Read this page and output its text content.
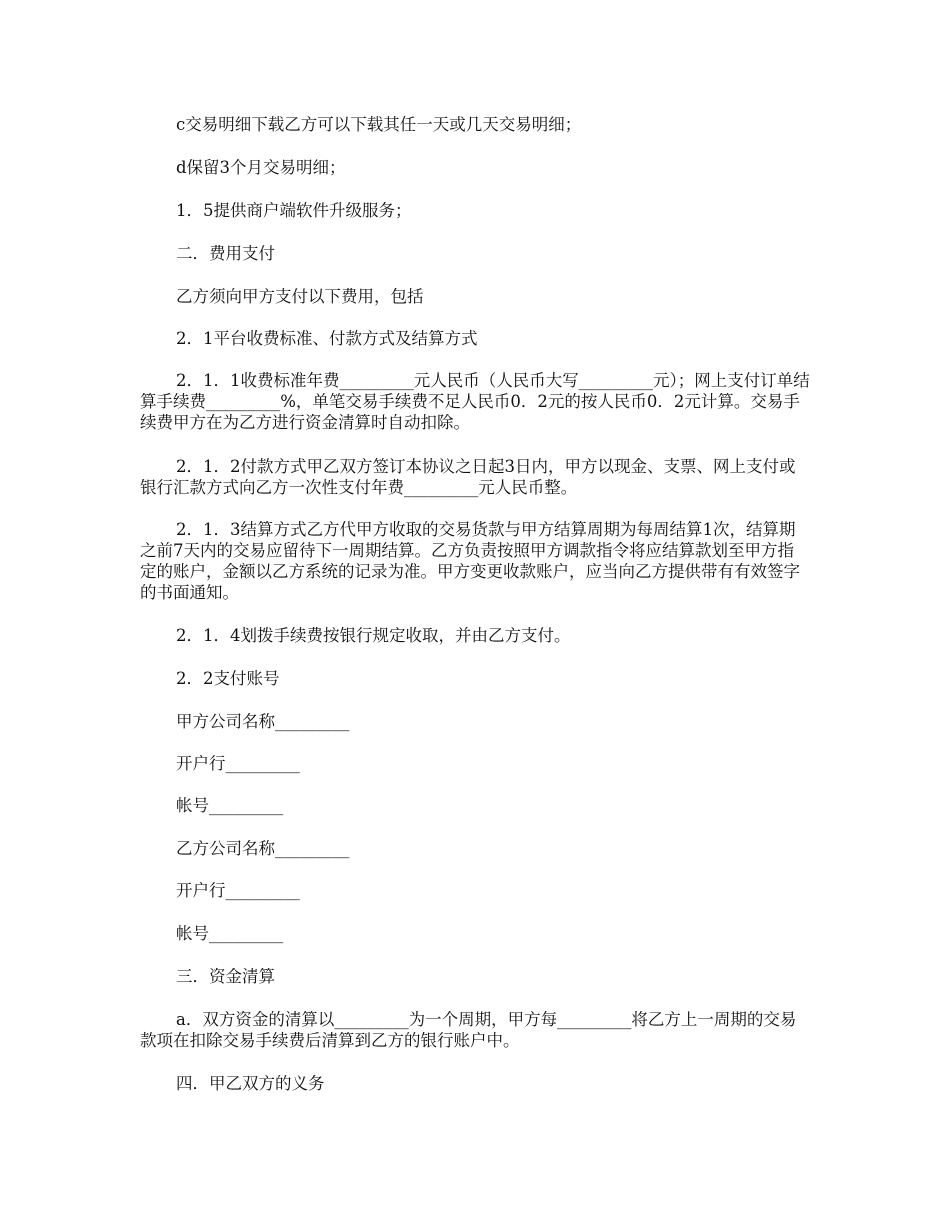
c交易明细下载乙方可以下载其任一天或几天交易明细；

d保留3个月交易明细；

1．5提供商户端软件升级服务；

二．费用支付

乙方须向甲方支付以下费用，包括

2．1平台收费标准、付款方式及结算方式

2．1．1收费标准年费_________元人民币（人民币大写_________元）；网上支付订单结算手续费_________%，单笔交易手续费不足人民币0．2元的按人民币0．2元计算。交易手续费甲方在为乙方进行资金清算时自动扣除。

2．1．2付款方式甲乙双方签订本协议之日起3日内，甲方以现金、支票、网上支付或银行汇款方式向乙方一次性支付年费_________元人民币整。

2．1．3结算方式乙方代甲方收取的交易货款与甲方结算周期为每周结算1次，结算期之前7天内的交易应留待下一周期结算。乙方负责按照甲方调款指令将应结算款划至甲方指定的账户，金额以乙方系统的记录为准。甲方变更收款账户，应当向乙方提供带有有效签字的书面通知。

2．1．4划拨手续费按银行规定收取，并由乙方支付。

2．2支付账号

甲方公司名称_________

开户行_________

帐号_________

乙方公司名称_________

开户行_________

帐号_________

三．资金清算

a．双方资金的清算以_________为一个周期，甲方每_________将乙方上一周期的交易款项在扣除交易手续费后清算到乙方的银行账户中。

四．甲乙双方的义务
